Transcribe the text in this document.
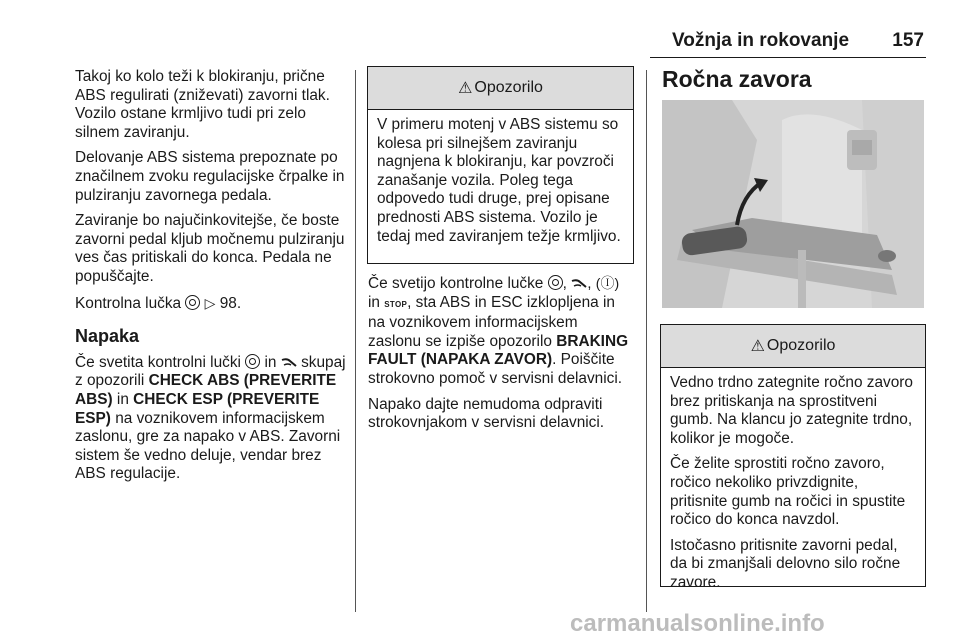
Vožnja in rokovanje 157

Takoj ko kolo teži k blokiranju, prične ABS regulirati (zniževati) zavorni tlak. Vozilo ostane krmljivo tudi pri zelo silnem zaviranju.

Delovanje ABS sistema prepoznate po značilnem zvoku regulacijske črpalke in pulziranju zavornega pedala.

Zaviranje bo najučinkovitejše, če boste zavorni pedal kljub močnemu pulziranju ves čas pritiskali do konca. Pedala ne popuščajte.

Kontrolna lučka ▷ 98.

Napaka

Če svetita kontrolni lučki in skupaj z opozorili CHECK ABS (PREVERITE ABS) in CHECK ESP (PREVERITE ESP) na voznikovem informacijskem zaslonu, gre za napako v ABS. Zavorni sistem še vedno deluje, vendar brez ABS regulacije.

⚠ Opozorilo

V primeru motenj v ABS sistemu so kolesa pri silnejšem zaviranju nagnjena k blokiranju, kar povzroči zanašanje vozila. Poleg tega odpovedo tudi druge, prej opisane prednosti ABS sistema. Vozilo je tedaj med zaviranjem težje krmljivo.

Če svetijo kontrolne lučke , , (Ⓘ) in STOP, sta ABS in ESC izklopljena in na voznikovem informacijskem zaslonu se izpiše opozorilo BRAKING FAULT (NAPAKA ZAVOR). Poiščite strokovno pomoč v servisni delavnici.

Napako dajte nemudoma odpraviti strokovnjakom v servisni delavnici.

Ročna zavora
⚠ Opozorilo

Vedno trdno zategnite ročno zavoro brez pritiskanja na sprostitveni gumb. Na klancu jo zategnite trdno, kolikor je mogoče.

Če želite sprostiti ročno zavoro, ročico nekoliko privzdignite, pritisnite gumb na ročici in spustite ročico do konca navzdol.

Istočasno pritisnite zavorni pedal, da bi zmanjšali delovno silo ročne zavore.

carmanualsonline.info
